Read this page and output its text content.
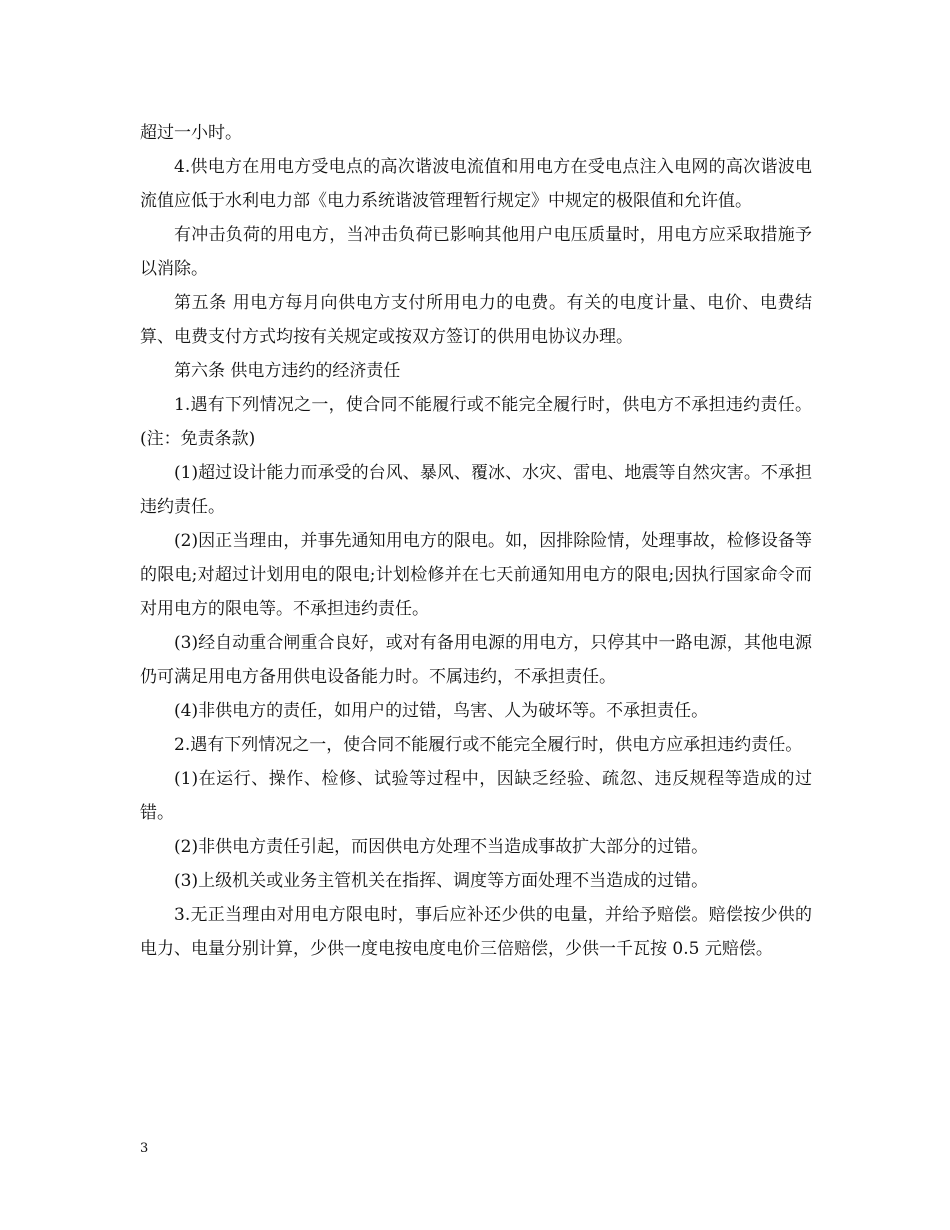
超过一小时。

4.供电方在用电方受电点的高次谐波电流值和用电方在受电点注入电网的高次谐波电流值应低于水利电力部《电力系统谐波管理暂行规定》中规定的极限值和允许值。

有冲击负荷的用电方，当冲击负荷已影响其他用户电压质量时，用电方应采取措施予以消除。

第五条 用电方每月向供电方支付所用电力的电费。有关的电度计量、电价、电费结算、电费支付方式均按有关规定或按双方签订的供用电协议办理。

第六条 供电方违约的经济责任

1.遇有下列情况之一，使合同不能履行或不能完全履行时，供电方不承担违约责任。(注：免责条款)

(1)超过设计能力而承受的台风、暴风、覆冰、水灾、雷电、地震等自然灾害。不承担违约责任。

(2)因正当理由，并事先通知用电方的限电。如，因排除险情，处理事故，检修设备等的限电;对超过计划用电的限电;计划检修并在七天前通知用电方的限电;因执行国家命令而对用电方的限电等。不承担违约责任。

(3)经自动重合闸重合良好，或对有备用电源的用电方，只停其中一路电源，其他电源仍可满足用电方备用供电设备能力时。不属违约，不承担责任。

(4)非供电方的责任，如用户的过错，鸟害、人为破坏等。不承担责任。

2.遇有下列情况之一，使合同不能履行或不能完全履行时，供电方应承担违约责任。

(1)在运行、操作、检修、试验等过程中，因缺乏经验、疏忽、违反规程等造成的过错。

(2)非供电方责任引起，而因供电方处理不当造成事故扩大部分的过错。

(3)上级机关或业务主管机关在指挥、调度等方面处理不当造成的过错。

3.无正当理由对用电方限电时，事后应补还少供的电量，并给予赔偿。赔偿按少供的电力、电量分别计算，少供一度电按电度电价三倍赔偿，少供一千瓦按 0.5 元赔偿。

3
